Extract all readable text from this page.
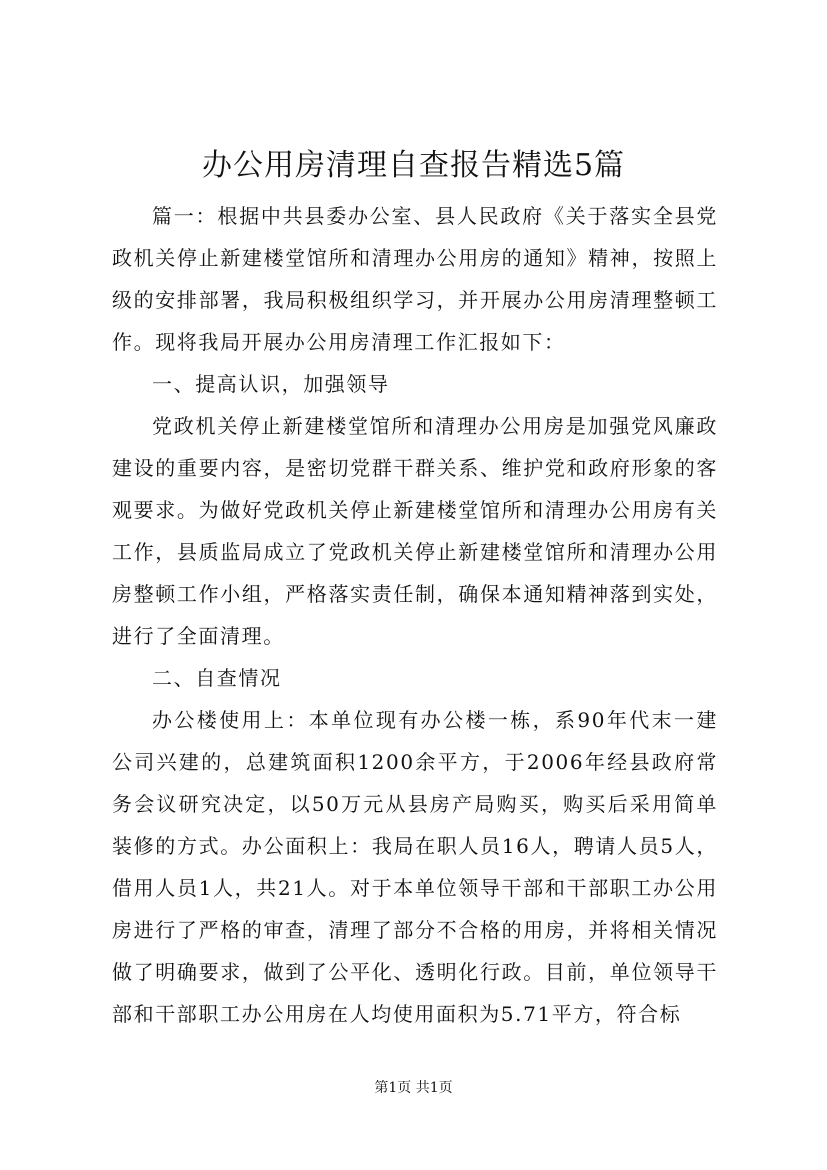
办公用房清理自查报告精选5篇

篇一：根据中共县委办公室、县人民政府《关于落实全县党政机关停止新建楼堂馆所和清理办公用房的通知》精神，按照上级的安排部署，我局积极组织学习，并开展办公用房清理整顿工作。现将我局开展办公用房清理工作汇报如下：

一、提高认识，加强领导

党政机关停止新建楼堂馆所和清理办公用房是加强党风廉政建设的重要内容，是密切党群干群关系、维护党和政府形象的客观要求。为做好党政机关停止新建楼堂馆所和清理办公用房有关工作，县质监局成立了党政机关停止新建楼堂馆所和清理办公用房整顿工作小组，严格落实责任制，确保本通知精神落到实处，进行了全面清理。

二、自查情况

办公楼使用上：本单位现有办公楼一栋，系90年代末一建公司兴建的，总建筑面积1200余平方，于2006年经县政府常务会议研究决定，以50万元从县房产局购买，购买后采用简单装修的方式。办公面积上：我局在职人员16人，聘请人员5人，借用人员1人，共21人。对于本单位领导干部和干部职工办公用房进行了严格的审查，清理了部分不合格的用房，并将相关情况做了明确要求，做到了公平化、透明化行政。目前，单位领导干部和干部职工办公用房在人均使用面积为5.71平方，符合标

第1页 共1页
